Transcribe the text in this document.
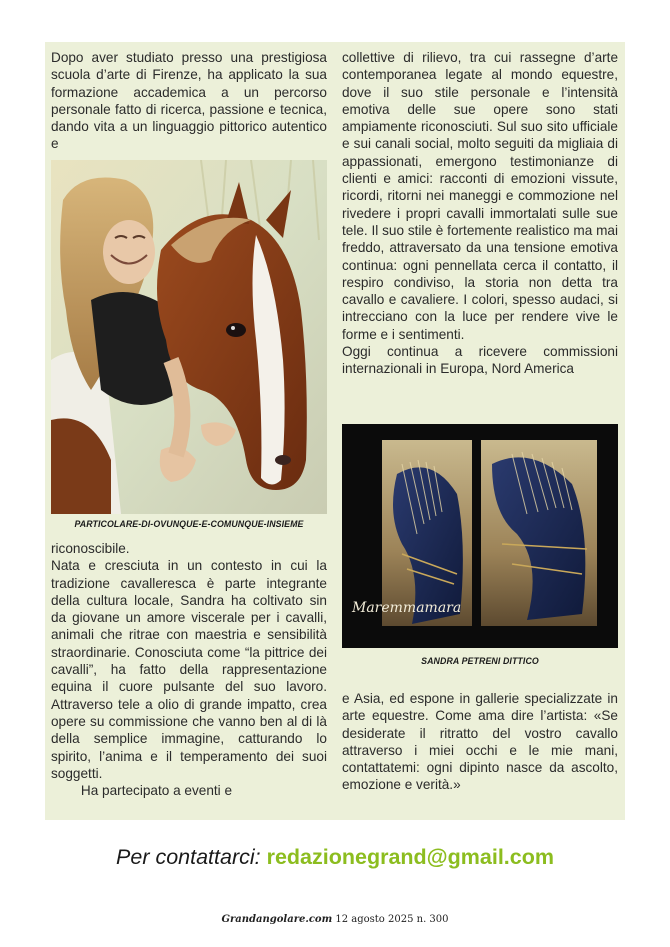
Dopo aver studiato presso una prestigiosa scuola d’arte di Firenze, ha applicato la sua formazione accademica a un percorso personale fatto di ricerca, passione e tecnica, dando vita a un linguaggio pittorico autentico e

PARTICOLARE-DI-OVUNQUE-E-COMUNQUE-INSIEME

riconoscibile.

Nata e cresciuta in un contesto in cui la tradizione cavalleresca è parte integrante della cultura locale, Sandra ha coltivato sin da giovane un amore viscerale per i cavalli, animali che ritrae con maestria e sensibilità straordinarie. Conosciuta come “la pittrice dei cavalli”, ha fatto della rappresentazione equina il cuore pulsante del suo lavoro. Attraverso tele a olio di grande impatto, crea opere su commissione che vanno ben al di là della semplice immagine, catturando lo spirito, l’anima e il temperamento dei suoi soggetti.

Ha partecipato a eventi e

collettive di rilievo, tra cui rassegne d’arte contemporanea legate al mondo equestre, dove il suo stile personale e l’intensità emotiva delle sue opere sono stati ampiamente riconosciuti. Sul suo sito ufficiale e sui canali social, molto seguiti da migliaia di appassionati, emergono testimonianze di clienti e amici: racconti di emozioni vissute, ricordi, ritorni nei maneggi e commozione nel rivedere i propri cavalli immortalati sulle sue tele. Il suo stile è fortemente realistico ma mai freddo, attraversato da una tensione emotiva continua: ogni pennellata cerca il contatto, il respiro condiviso, la storia non detta tra cavallo e cavaliere. I colori, spesso audaci, si intrecciano con la luce per rendere vive le forme e i sentimenti.

Oggi continua a ricevere commissioni internazionali in Europa, Nord America

Maremmamara
SANDRA PETRENI DITTICO

e Asia, ed espone in gallerie specializzate in arte equestre. Come ama dire l’artista: «Se desiderate il ritratto del vostro cavallo attraverso i miei occhi e le mie mani, contattatemi: ogni dipinto nasce da ascolto, emozione e verità.»

Per contattarci: redazionegrand@gmail.com
Grandangolare.com 12 agosto 2025 n. 300
